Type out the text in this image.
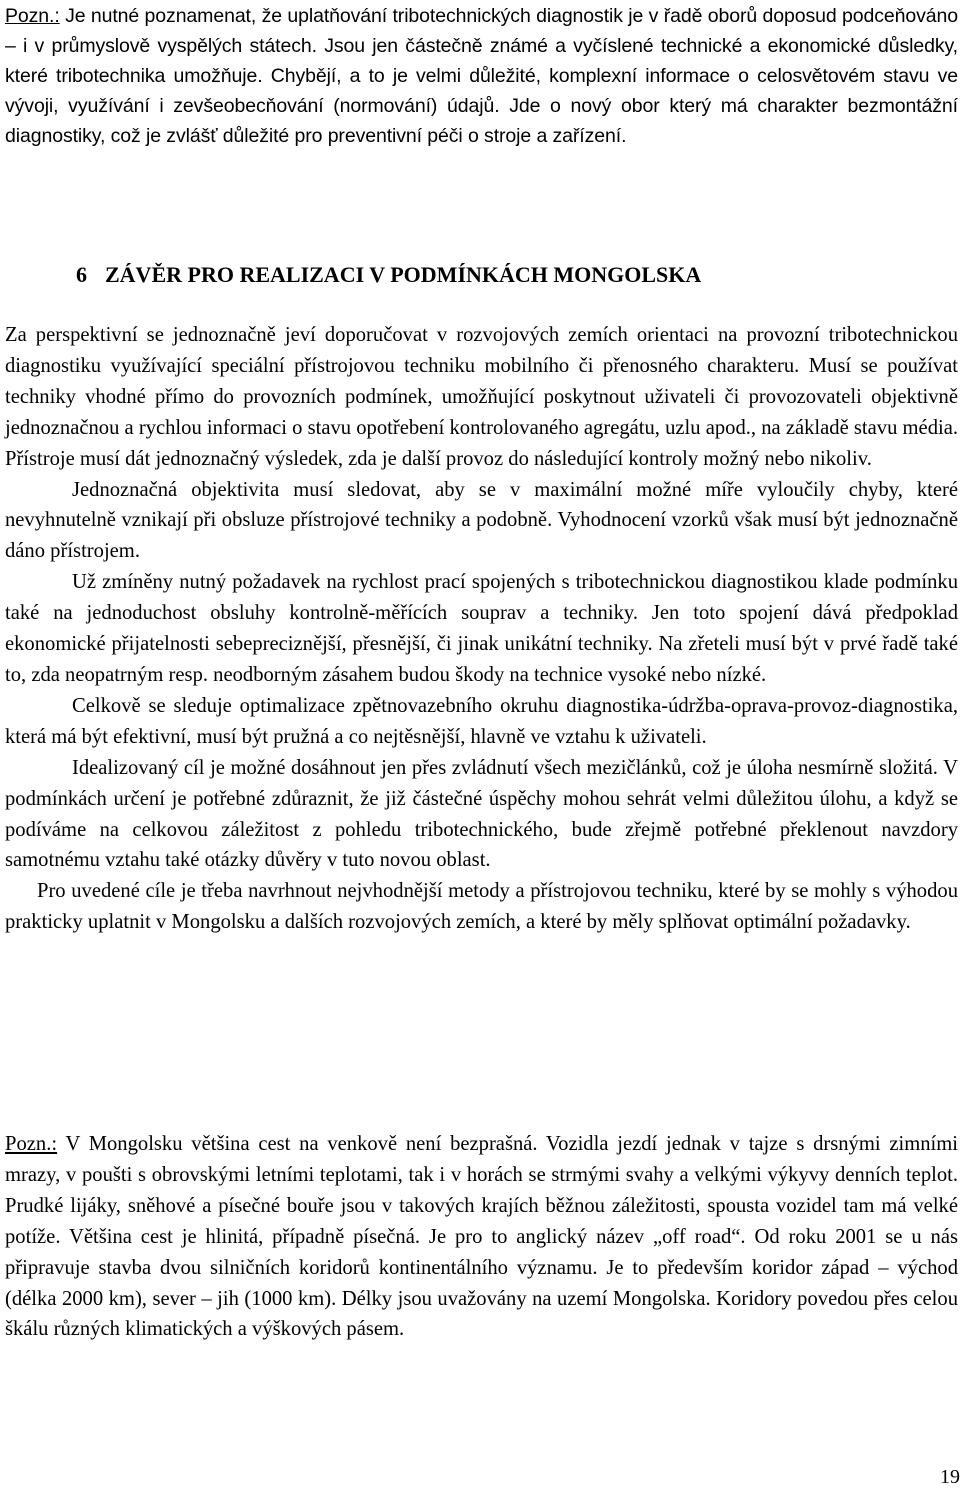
Pozn.: Je nutné poznamenat, že uplatňování tribotechnických diagnostik je v řadě oborů doposud podceňováno – i v průmyslově vyspělých státech. Jsou jen částečně známé a vyčíslené technické a ekonomické důsledky, které tribotechnika umožňuje. Chybějí, a to je velmi důležité, komplexní informace o celosvětovém stavu ve vývoji, využívání i zevšeobecňování (normování) údajů. Jde o nový obor který má charakter bezmontážní diagnostiky, což je zvlášť důležité pro preventivní péči o stroje a zařízení.

6 ZÁVĚR PRO REALIZACI V PODMÍNKÁCH MONGOLSKA

Za perspektivní se jednoznačně jeví doporučovat v rozvojových zemích orientaci na provozní tribotechnickou diagnostiku využívající speciální přístrojovou techniku mobilního či přenosného charakteru. Musí se používat techniky vhodné přímo do provozních podmínek, umožňující poskytnout uživateli či provozovateli objektivně jednoznačnou a rychlou informaci o stavu opotřebení kontrolovaného agregátu, uzlu apod., na základě stavu média. Přístroje musí dát jednoznačný výsledek, zda je další provoz do následující kontroly možný nebo nikoliv.

Jednoznačná objektivita musí sledovat, aby se v maximální možné míře vyloučily chyby, které nevyhnutelně vznikají při obsluze přístrojové techniky a podobně. Vyhodnocení vzorků však musí být jednoznačně dáno přístrojem.

Už zmíněny nutný požadavek na rychlost prací spojených s tribotechnickou diagnostikou klade podmínku také na jednoduchost obsluhy kontrolně-měřících souprav a techniky. Jen toto spojení dává předpoklad ekonomické přijatelnosti sebepreciznější, přesnější, či jinak unikátní techniky. Na zřeteli musí být v prvé řadě také to, zda neopatrným resp. neodborným zásahem budou škody na technice vysoké nebo nízké.

Celkově se sleduje optimalizace zpětnovazebního okruhu diagnostika-údržba-oprava-provoz-diagnostika, která má být efektivní, musí být pružná a co nejtěsnější, hlavně ve vztahu k uživateli.

Idealizovaný cíl je možné dosáhnout jen přes zvládnutí všech mezičlánků, což je úloha nesmírně složitá. V podmínkách určení je potřebné zdůraznit, že již částečné úspěchy mohou sehrát velmi důležitou úlohu, a když se podíváme na celkovou záležitost z pohledu tribotechnického, bude zřejmě potřebné překlenout navzdory samotnému vztahu také otázky důvěry v tuto novou oblast.

Pro uvedené cíle je třeba navrhnout nejvhodnější metody a přístrojovou techniku, které by se mohly s výhodou prakticky uplatnit v Mongolsku a dalších rozvojových zemích, a které by měly splňovat optimální požadavky.

Pozn.: V Mongolsku většina cest na venkově není bezprašná. Vozidla jezdí jednak v tajze s drsnými zimními mrazy, v poušti s obrovskými letními teplotami, tak i v horách se strmými svahy a velkými výkyvy denních teplot. Prudké lijáky, sněhové a písečné bouře jsou v takových krajích běžnou záležitosti, spousta vozidel tam má velké potíže. Většina cest je hlinitá, případně písečná. Je pro to anglický název „off road“. Od roku 2001 se u nás připravuje stavba dvou silničních koridorů kontinentálního významu. Je to především koridor západ – východ (délka 2000 km), sever – jih (1000 km). Délky jsou uvažovány na uzemí Mongolska. Koridory povedou přes celou škálu různých klimatických a výškových pásem.

19
